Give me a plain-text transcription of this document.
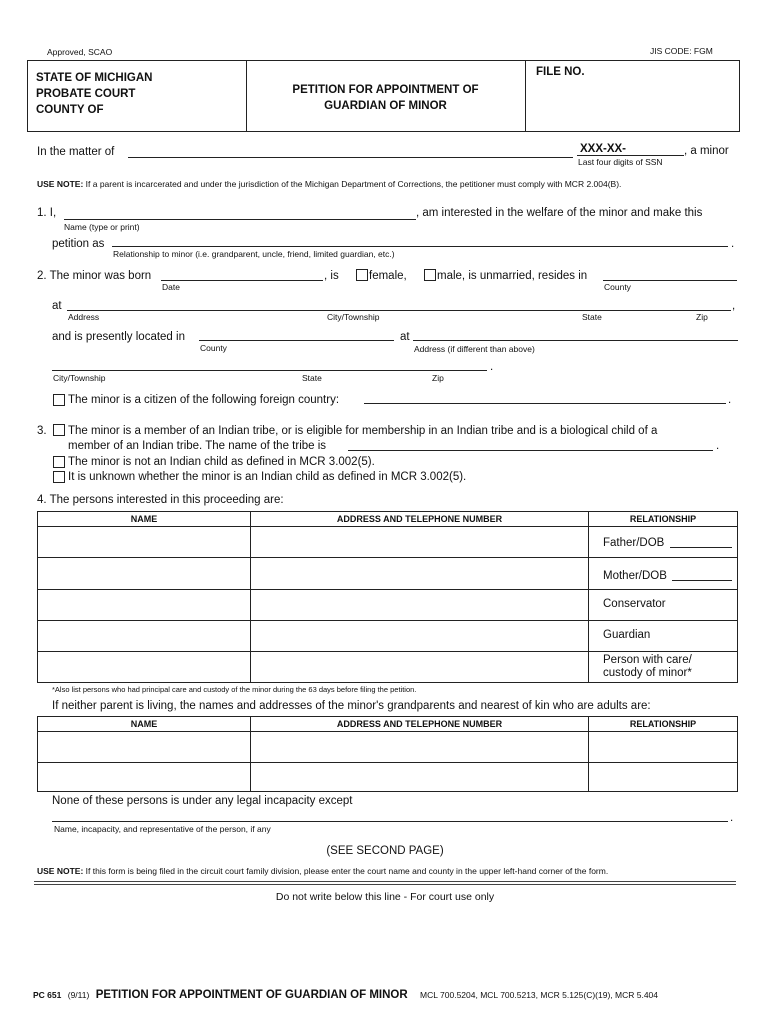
Approved, SCAO	JIS CODE: FGM
STATE OF MICHIGAN
PROBATE COURT
COUNTY OF
PETITION FOR APPOINTMENT OF
GUARDIAN OF MINOR
FILE NO.
In the matter of	XXX-XX-	, a minor
Last four digits of SSN
USE NOTE: If a parent is incarcerated and under the jurisdiction of the Michigan Department of Corrections, the petitioner must comply with MCR 2.004(B).
1. I,	, am interested in the welfare of the minor and make this
Name (type or print)
petition as	.
Relationship to minor (i.e. grandparent, uncle, friend, limited guardian, etc.)
2. The minor was born
Date
, is	female,	male, is unmarried, resides in
County
at	,
Address	City/Township	State	Zip
and is presently located in
County
at
Address (if different than above)
.
City/Township	State	Zip
The minor is a citizen of the following foreign country:	.
3. The minor is a member of an Indian tribe, or is eligible for membership in an Indian tribe and is a biological child of a
member of an Indian tribe. The name of the tribe is	.
The minor is not an Indian child as defined in MCR 3.002(5).
It is unknown whether the minor is an Indian child as defined in MCR 3.002(5).
4. The persons interested in this proceeding are:
NAME	ADDRESS AND TELEPHONE NUMBER	RELATIONSHIP
Father/DOB
Mother/DOB
Conservator
Guardian
Person with care/
custody of minor*
*Also list persons who had principal care and custody of the minor during the 63 days before filing the petition.
If neither parent is living, the names and addresses of the minor's grandparents and nearest of kin who are adults are:
NAME	ADDRESS AND TELEPHONE NUMBER	RELATIONSHIP
None of these persons is under any legal incapacity except
.
Name, incapacity, and representative of the person, if any
(SEE SECOND PAGE)
USE NOTE: If this form is being filed in the circuit court family division, please enter the court name and county in the upper left-hand corner of the form.
Do not write below this line - For court use only
PC 651 (9/11) PETITION FOR APPOINTMENT OF GUARDIAN OF MINOR MCL 700.5204, MCL 700.5213, MCR 5.125(C)(19), MCR 5.404
